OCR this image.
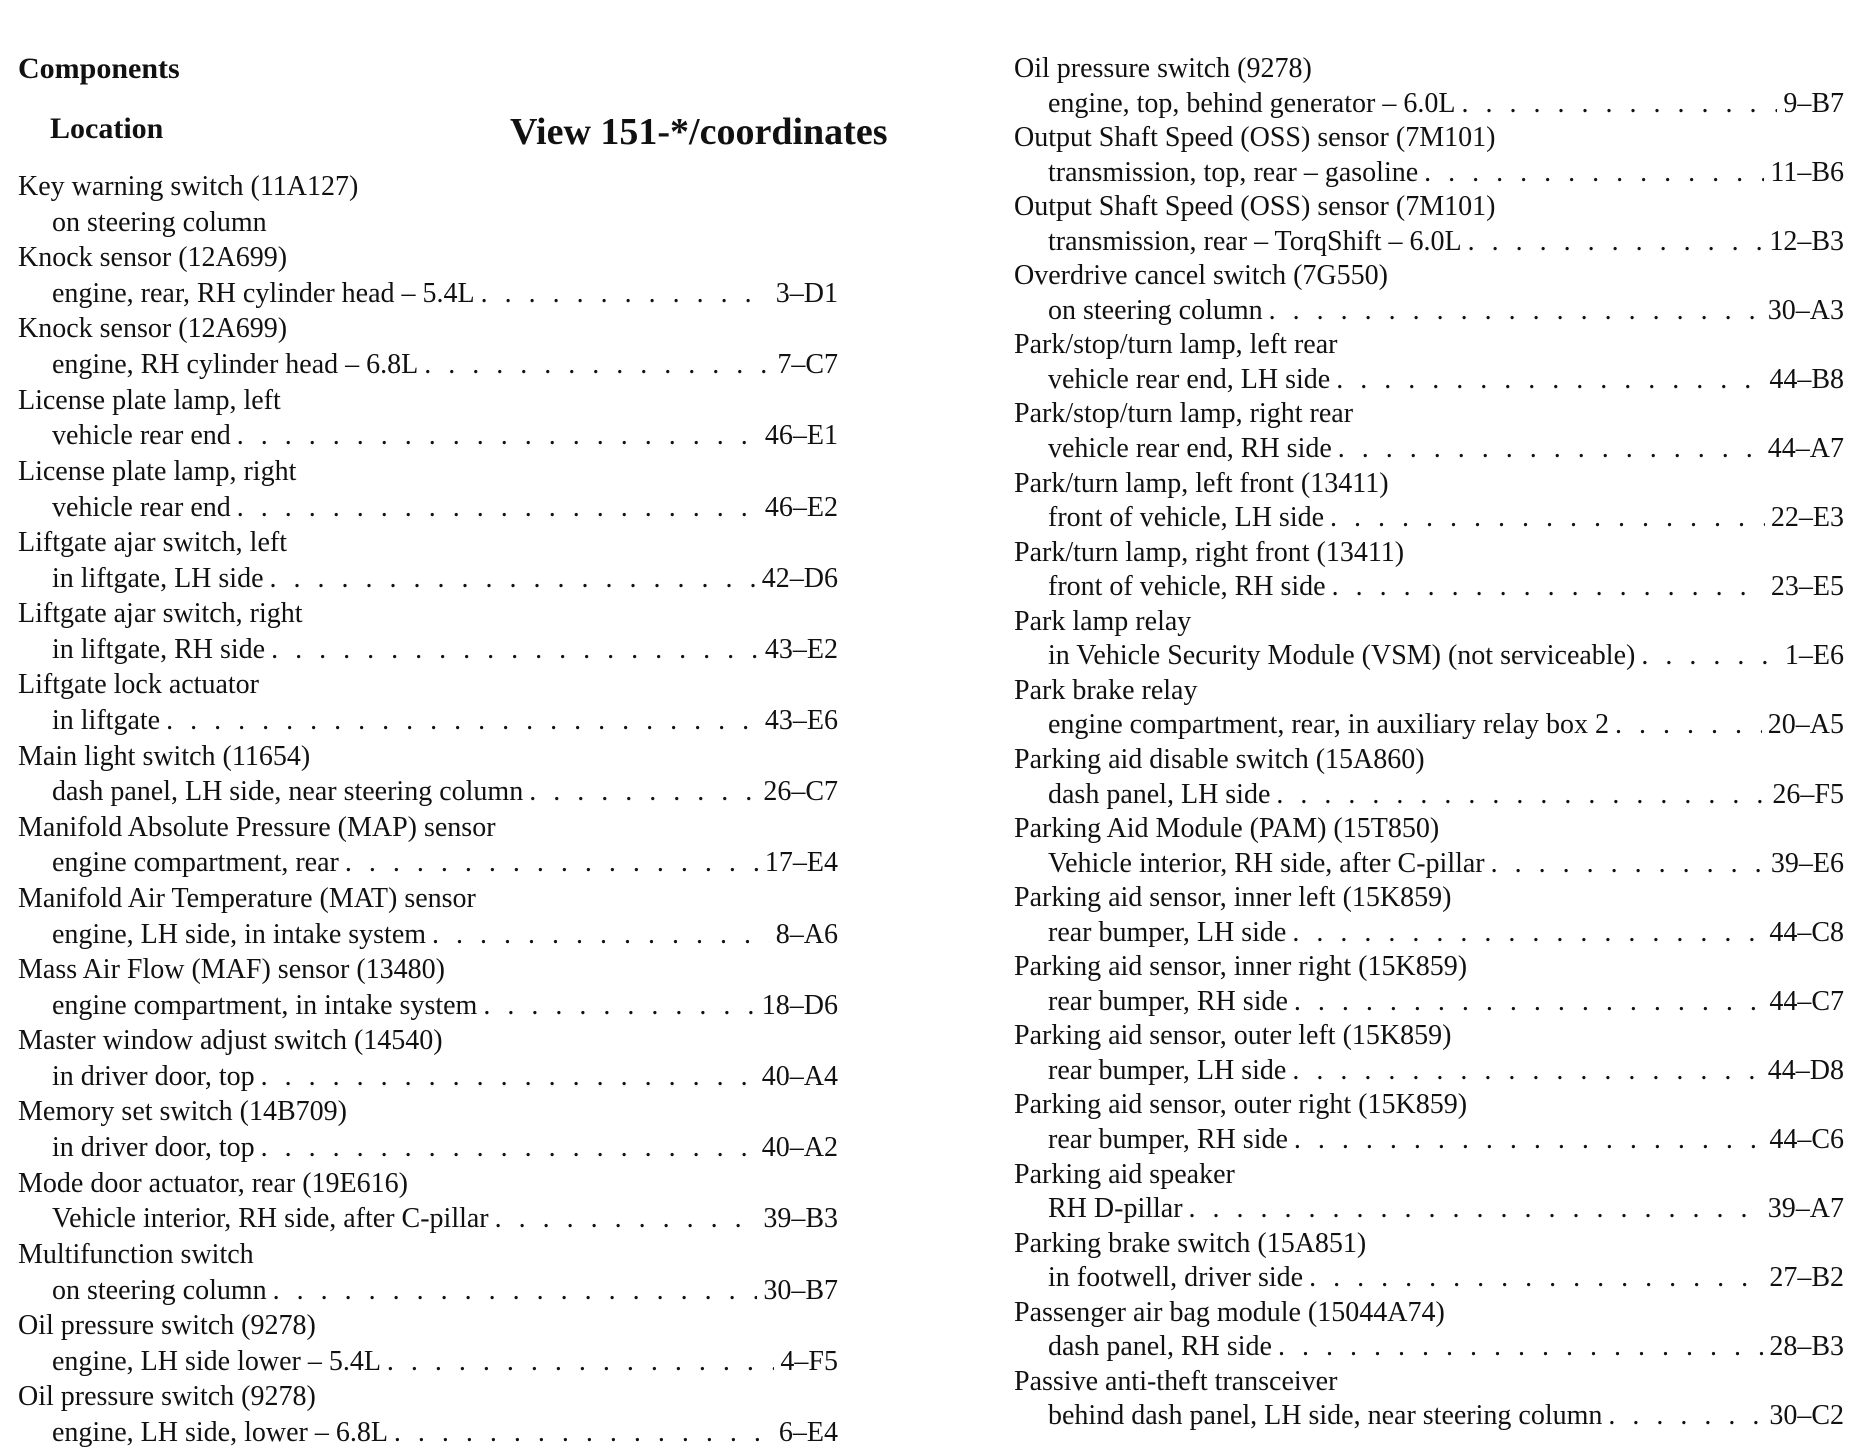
Components
Location	View 151-*/coordinates
Key warning switch (11A127)
on steering column
Knock sensor (12A699)
engine, rear, RH cylinder head – 5.4L . . .	3–D1
Knock sensor (12A699)
engine, RH cylinder head – 6.8L . . .	7–C7
License plate lamp, left
vehicle rear end . . .	46–E1
License plate lamp, right
vehicle rear end . . .	46–E2
Liftgate ajar switch, left
in liftgate, LH side . . .	42–D6
Liftgate ajar switch, right
in liftgate, RH side . . .	43–E2
Liftgate lock actuator
in liftgate . . .	43–E6
Main light switch (11654)
dash panel, LH side, near steering column . . .	26–C7
Manifold Absolute Pressure (MAP) sensor
engine compartment, rear . . .	17–E4
Manifold Air Temperature (MAT) sensor
engine, LH side, in intake system . . .	8–A6
Mass Air Flow (MAF) sensor (13480)
engine compartment, in intake system . . .	18–D6
Master window adjust switch (14540)
in driver door, top . . .	40–A4
Memory set switch (14B709)
in driver door, top . . .	40–A2
Mode door actuator, rear (19E616)
Vehicle interior, RH side, after C-pillar . . .	39–B3
Multifunction switch
on steering column . . .	30–B7
Oil pressure switch (9278)
engine, LH side lower – 5.4L . . .	4–F5
Oil pressure switch (9278)
engine, LH side, lower – 6.8L . . .	6–E4
Oil pressure switch (9278)
engine, top, behind generator – 6.0L . . .	9–B7
Output Shaft Speed (OSS) sensor (7M101)
transmission, top, rear – gasoline . . .	11–B6
Output Shaft Speed (OSS) sensor (7M101)
transmission, rear – TorqShift – 6.0L . . .	12–B3
Overdrive cancel switch (7G550)
on steering column . . .	30–A3
Park/stop/turn lamp, left rear
vehicle rear end, LH side . . .	44–B8
Park/stop/turn lamp, right rear
vehicle rear end, RH side . . .	44–A7
Park/turn lamp, left front (13411)
front of vehicle, LH side . . .	22–E3
Park/turn lamp, right front (13411)
front of vehicle, RH side . . .	23–E5
Park lamp relay
in Vehicle Security Module (VSM) (not serviceable) . . .	1–E6
Park brake relay
engine compartment, rear, in auxiliary relay box 2 . . .	20–A5
Parking aid disable switch (15A860)
dash panel, LH side . . .	26–F5
Parking Aid Module (PAM) (15T850)
Vehicle interior, RH side, after C-pillar . . .	39–E6
Parking aid sensor, inner left (15K859)
rear bumper, LH side . . .	44–C8
Parking aid sensor, inner right (15K859)
rear bumper, RH side . . .	44–C7
Parking aid sensor, outer left (15K859)
rear bumper, LH side . . .	44–D8
Parking aid sensor, outer right (15K859)
rear bumper, RH side . . .	44–C6
Parking aid speaker
RH D-pillar . . .	39–A7
Parking brake switch (15A851)
in footwell, driver side . . .	27–B2
Passenger air bag module (15044A74)
dash panel, RH side . . .	28–B3
Passive anti-theft transceiver
behind dash panel, LH side, near steering column . . .	30–C2
